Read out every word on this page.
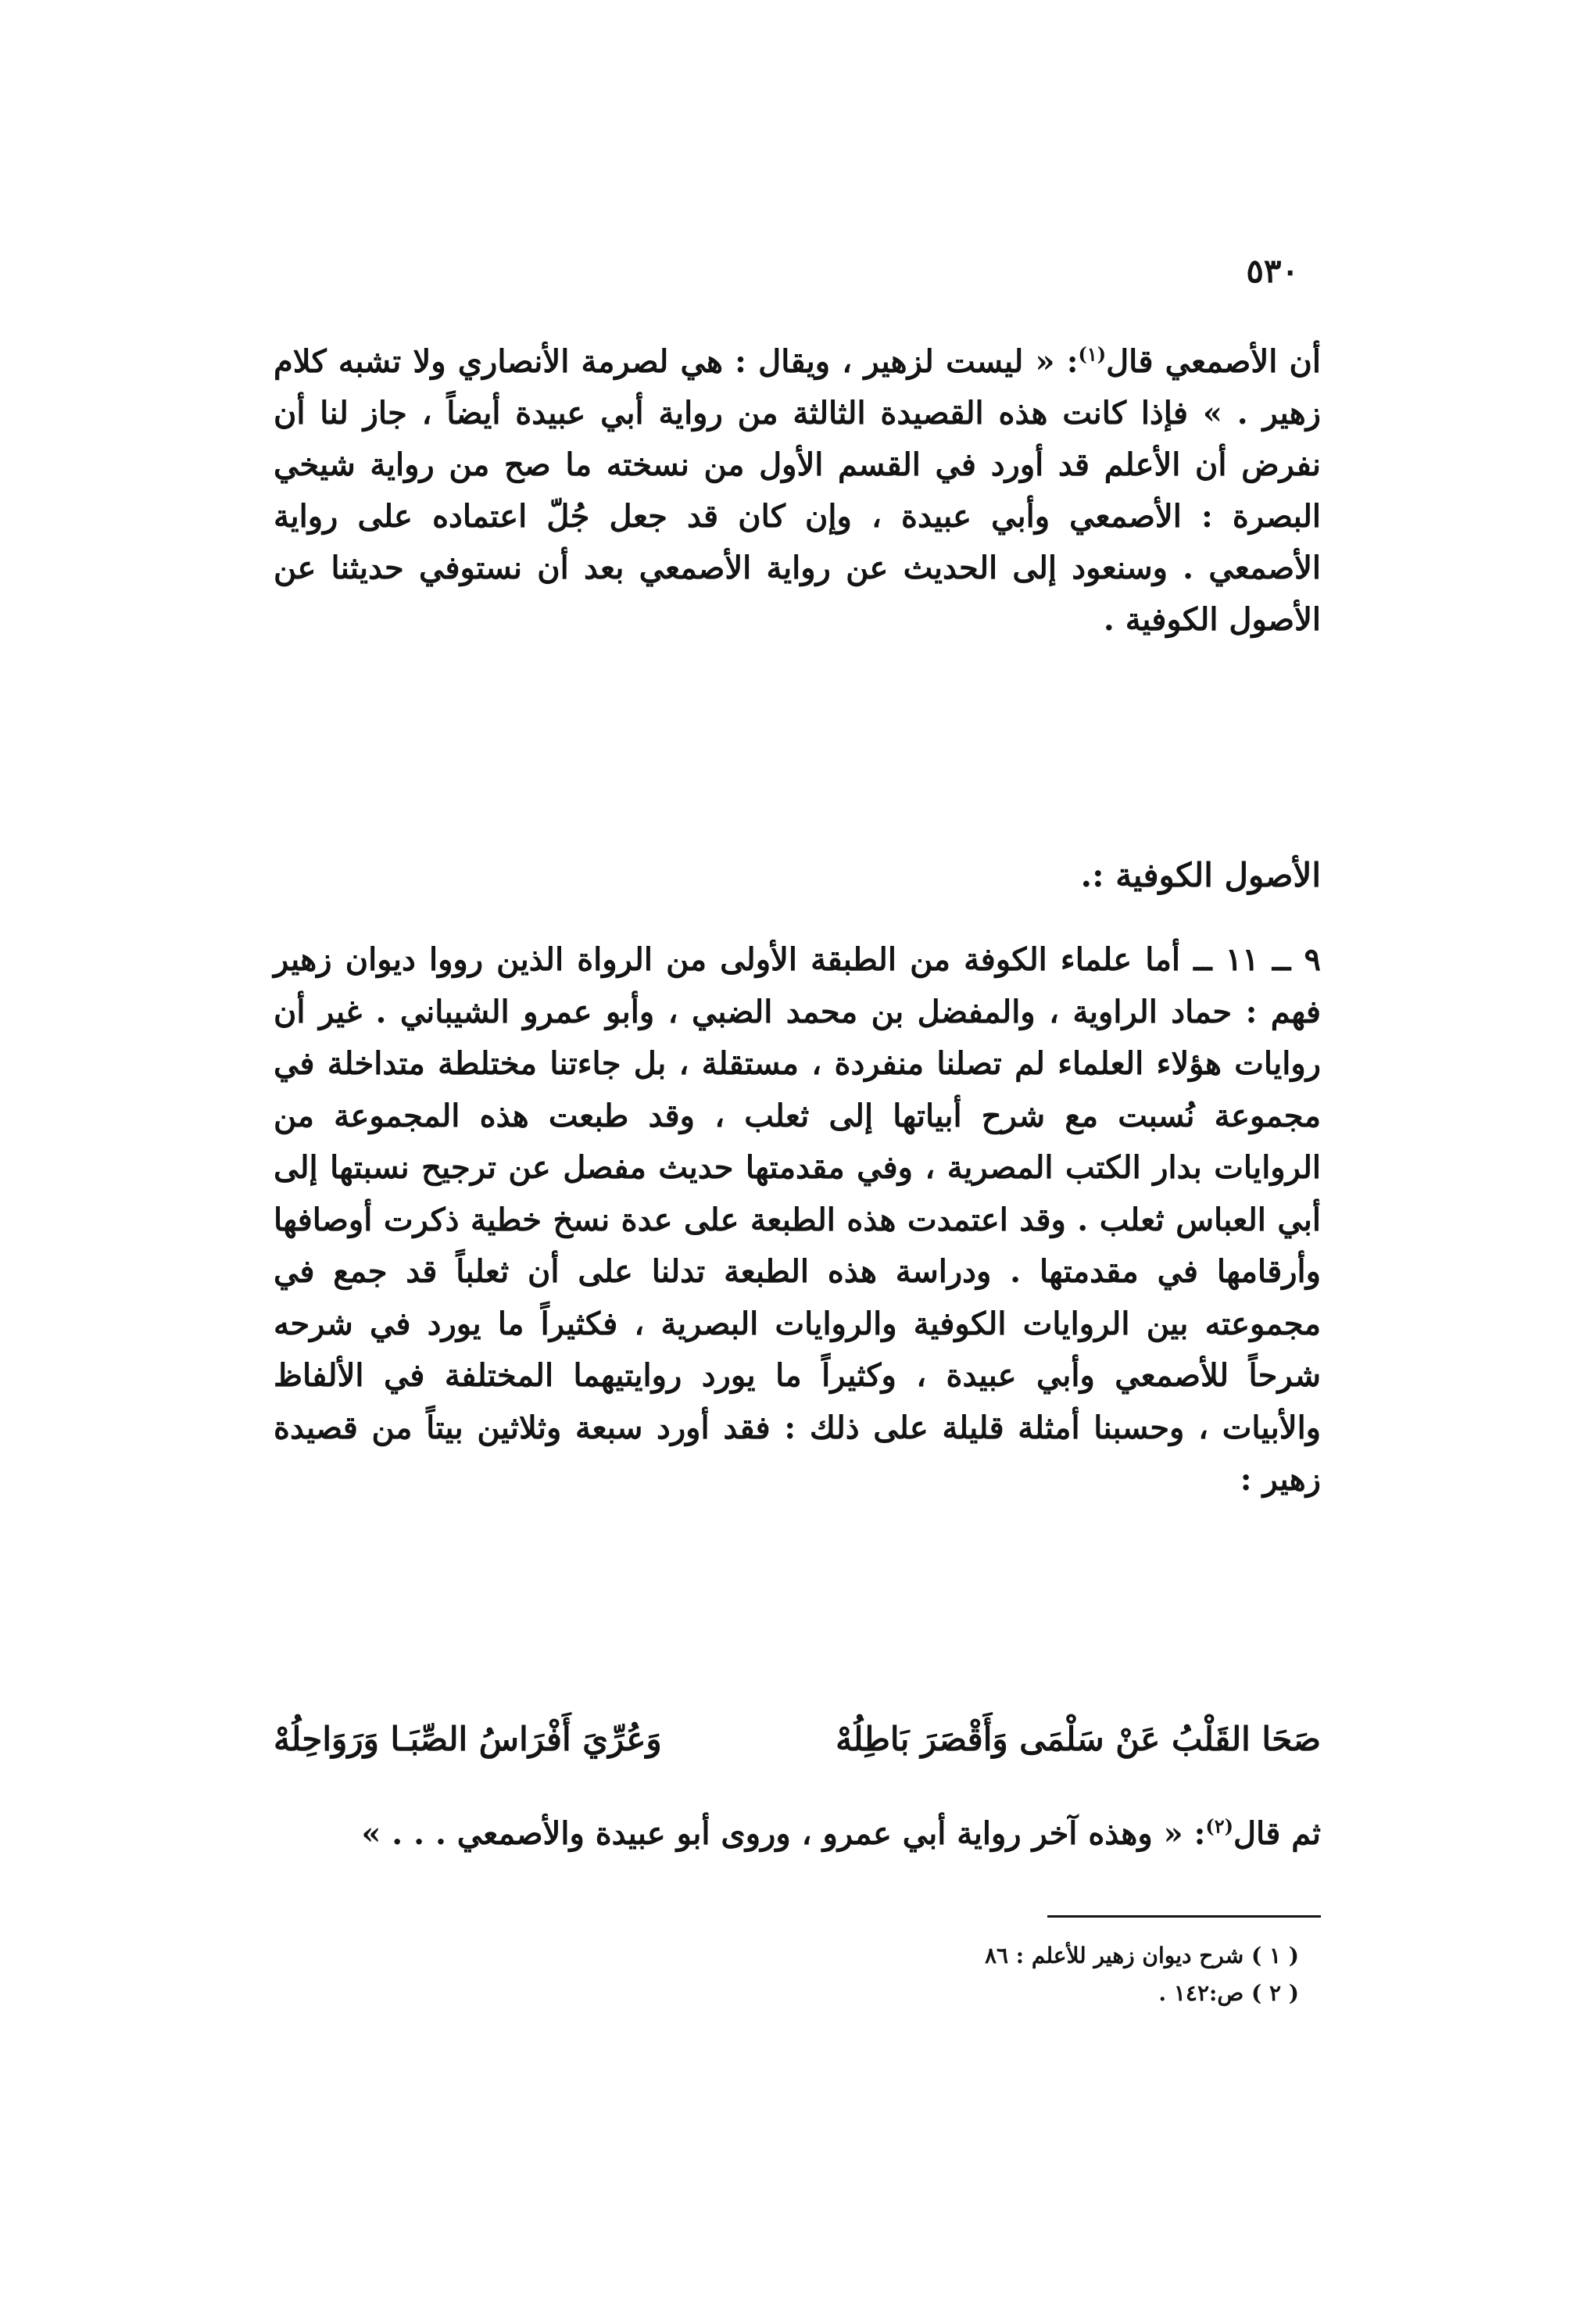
٥٣٠
أن الأصمعي قال$^{(١)}$: « ليست لزهير ، ويقال : هي لصرمة الأنصاري ولا تشبه كلام زهير . » فإذا كانت هذه القصيدة الثالثة من رواية أبي عبيدة أيضاً ، جاز لنا أن نفرض أن الأعلم قد أورد في القسم الأول من نسخته ما صح من رواية شيخي البصرة : الأصمعي وأبي عبيدة ، وإن كان قد جعل جُلّ اعتماده على رواية الأصمعي . وسنعود إلى الحديث عن رواية الأصمعي بعد أن نستوفي حديثنا عن الأصول الكوفية .
الأصول الكوفية :.
٩ ــ ١١ ــ أما علماء الكوفة من الطبقة الأولى من الرواة الذين رووا ديوان زهير فهم : حماد الراوية ، والمفضل بن محمد الضبي ، وأبو عمرو الشيباني . غير أن روايات هؤلاء العلماء لم تصلنا منفردة ، مستقلة ، بل جاءتنا مختلطة متداخلة في مجموعة نُسبت مع شرح أبياتها إلى ثعلب ، وقد طبعت هذه المجموعة من الروايات بدار الكتب المصرية ، وفي مقدمتها حديث مفصل عن ترجيح نسبتها إلى أبي العباس ثعلب . وقد اعتمدت هذه الطبعة على عدة نسخ خطية ذكرت أوصافها وأرقامها في مقدمتها . ودراسة هذه الطبعة تدلنا على أن ثعلباً قد جمع في مجموعته بين الروايات الكوفية والروايات البصرية ، فكثيراً ما يورد في شرحه شرحاً للأصمعي وأبي عبيدة ، وكثيراً ما يورد روايتيهما المختلفة في الألفاظ والأبيات ، وحسبنا أمثلة قليلة على ذلك : فقد أورد سبعة وثلاثين بيتاً من قصيدة زهير :
صَحَا القَلْبُ عَنْ سَلْمَى وَأَقْصَرَ بَاطِلُهْ
وَعُرِّيَ أَفْرَاسُ الصِّبَـا وَرَوَاحِلُهْ
ثم قال$^{(٢)}$: « وهذه آخر رواية أبي عمرو ، وروى أبو عبيدة والأصمعي . . . »
( ١ ) شرح ديوان زهير للأعلم : ٨٦
( ٢ ) ص:١٤٢ .
